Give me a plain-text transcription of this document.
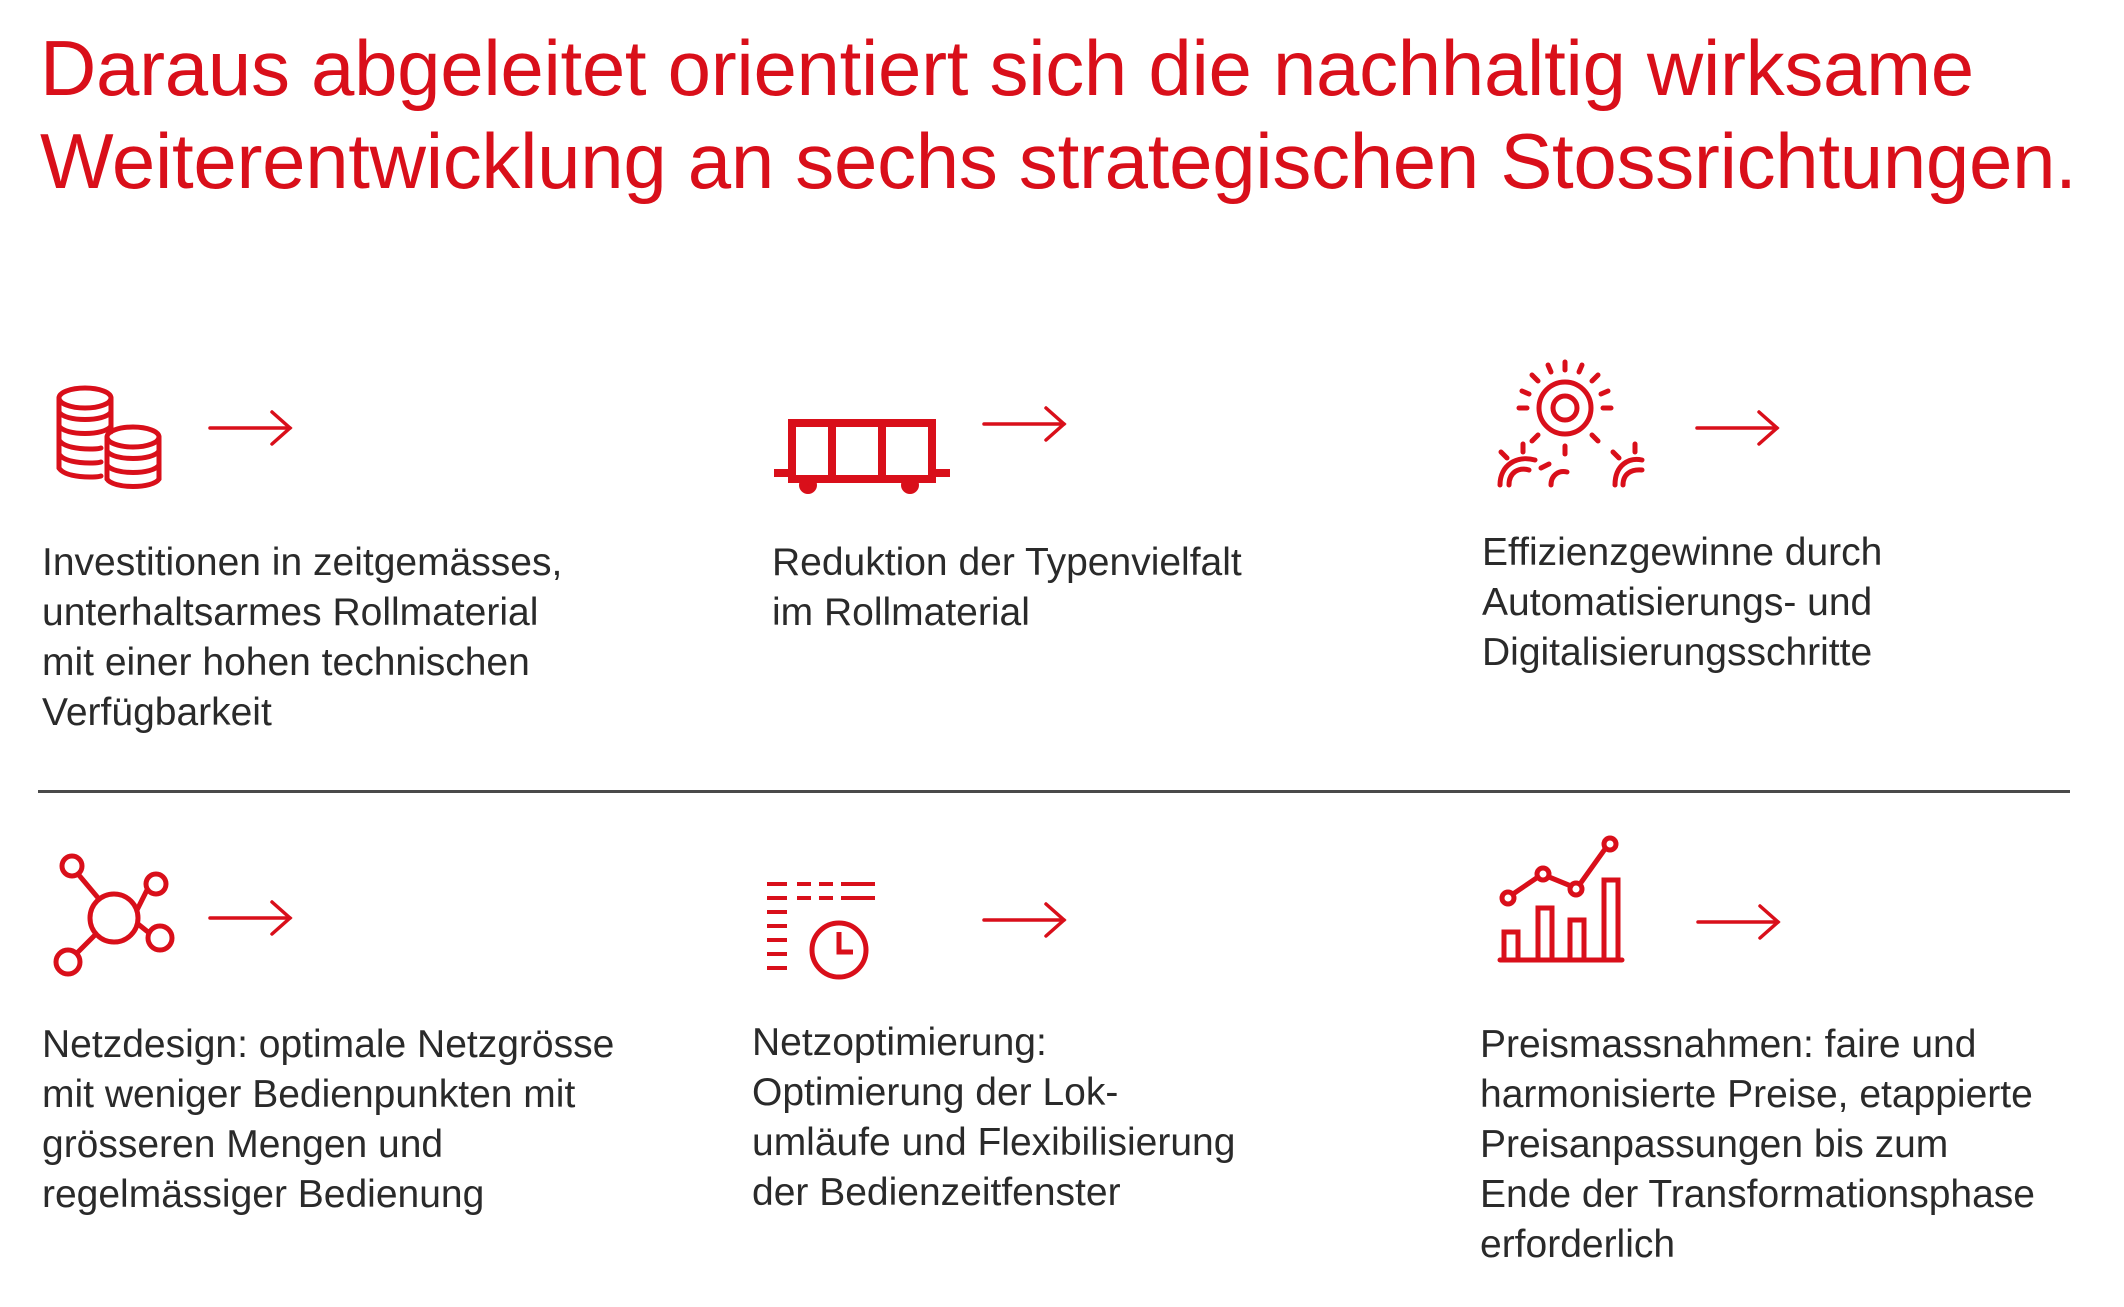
Daraus abgeleitet orientiert sich die nachhaltig wirksame
Weiterentwicklung an sechs strategischen Stossrichtungen.

Investitionen in zeitgemässes,
unterhaltsarmes Rollmaterial
mit einer hohen technischen
Verfügbarkeit

Reduktion der Typenvielfalt
im Rollmaterial

Effizienzgewinne durch
Automatisierungs- und
Digitalisierungsschritte

Netzdesign: optimale Netzgrösse
mit weniger Bedienpunkten mit
grösseren Mengen und
regelmässiger Bedienung

Netzoptimierung:
Optimierung der Lok-
umläufe und Flexibilisierung
der Bedienzeitfenster

Preismassnahmen: faire und
harmonisierte Preise, etappierte
Preisanpassungen bis zum
Ende der Transformationsphase
erforderlich
